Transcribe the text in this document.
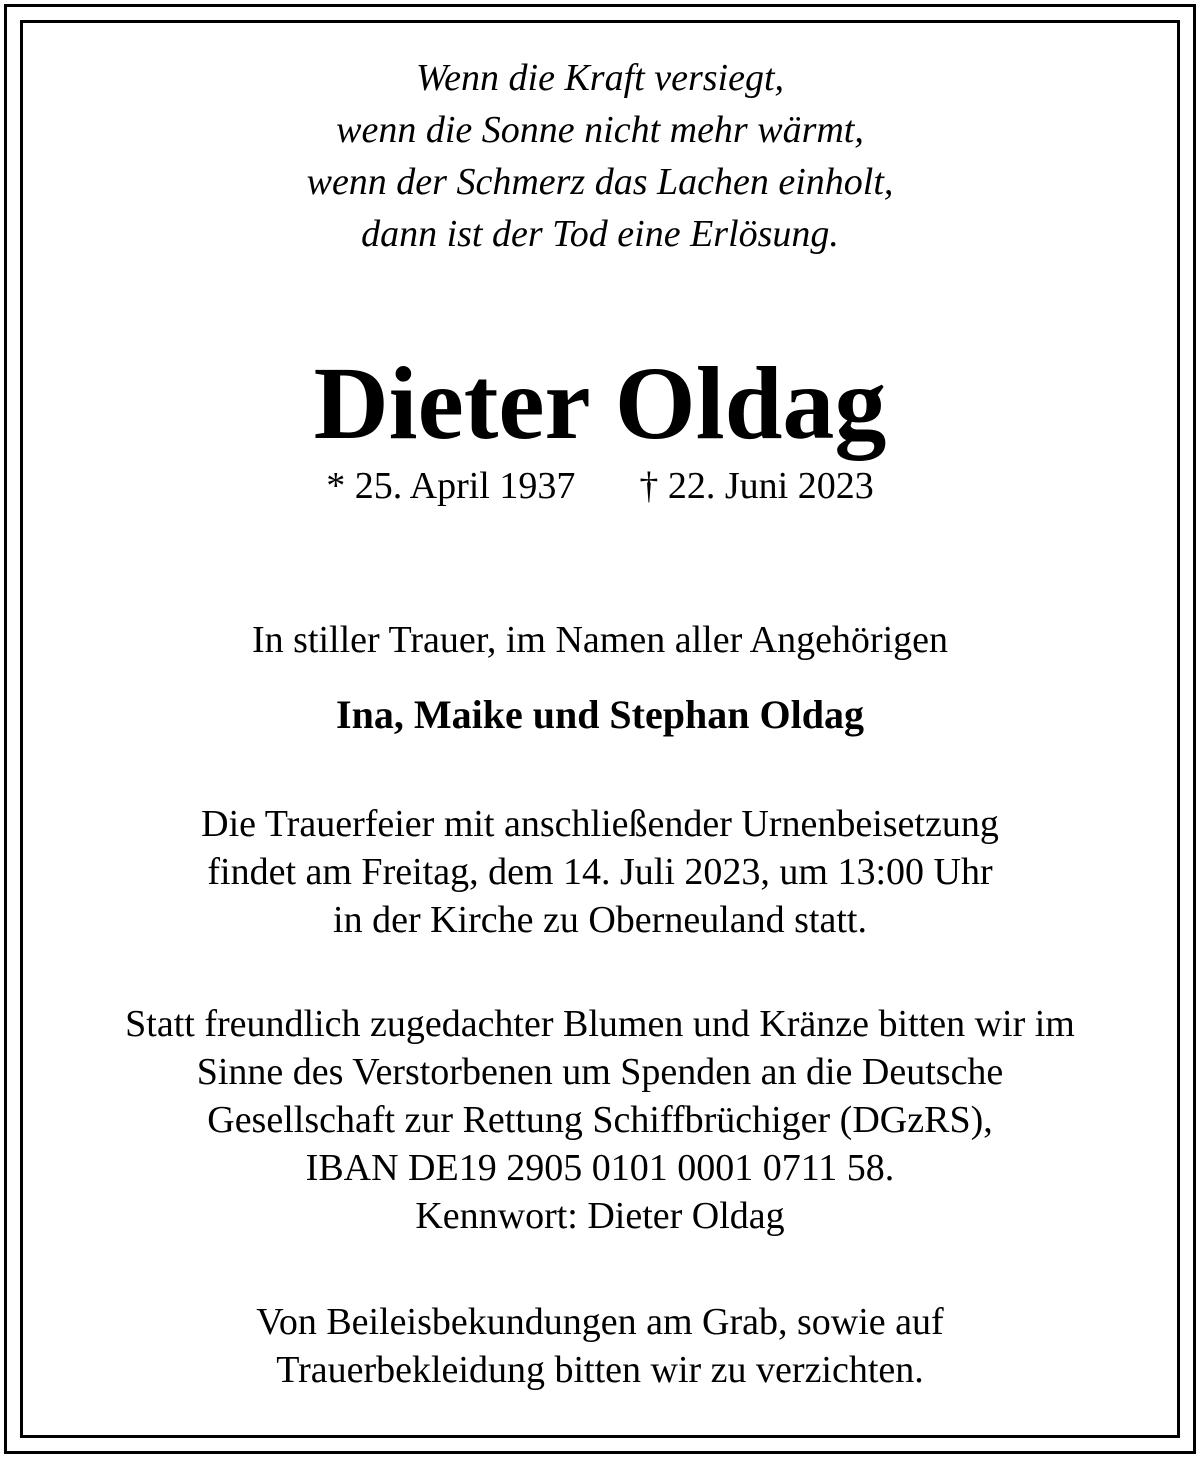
Wenn die Kraft versiegt,
wenn die Sonne nicht mehr wärmt,
wenn der Schmerz das Lachen einholt,
dann ist der Tod eine Erlösung.
Dieter Oldag
* 25. April 1937 † 22. Juni 2023
In stiller Trauer, im Namen aller Angehörigen
Ina, Maike und Stephan Oldag
Die Trauerfeier mit anschließender Urnenbeisetzung
findet am Freitag, dem 14. Juli 2023, um 13:00 Uhr
in der Kirche zu Oberneuland statt.
Statt freundlich zugedachter Blumen und Kränze bitten wir im
Sinne des Verstorbenen um Spenden an die Deutsche
Gesellschaft zur Rettung Schiffbrüchiger (DGzRS),
IBAN DE19 2905 0101 0001 0711 58.
Kennwort: Dieter Oldag
Von Beileisbekundungen am Grab, sowie auf
Trauerbekleidung bitten wir zu verzichten.
